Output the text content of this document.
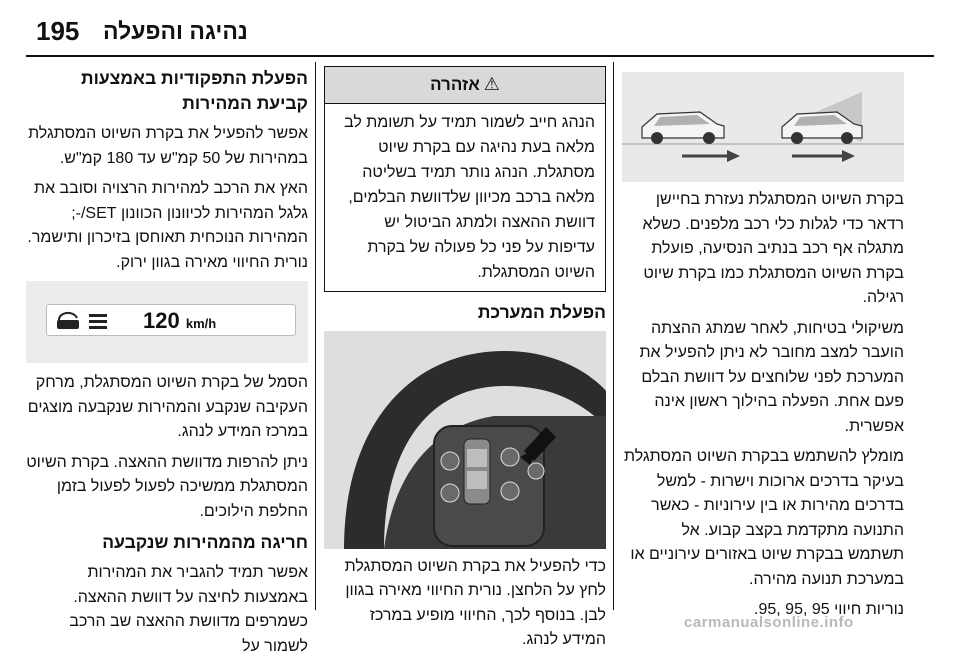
195 נהיגה והפעלה

בקרת השיוט המסתגלת נעזרת בחיישן רדאר כדי לגלות כלי רכב מלפנים. כשלא מתגלה אף רכב בנתיב הנסיעה, פועלת בקרת השיוט המסתגלת כמו בקרת שיוט רגילה.

משיקולי בטיחות, לאחר שמתג ההצתה הועבר למצב מחובר לא ניתן להפעיל את המערכת לפני שלוחצים על דוושת הבלם פעם אחת. הפעלה בהילוך ראשון אינה אפשרית.

מומלץ להשתמש בבקרת השיוט המסתגלת בעיקר בדרכים ארוכות וישרות - למשל בדרכים מהירות או בין עירוניות - כאשר התנועה מתקדמת בקצב קבוע. אל תשתמש בבקרת שיוט באזורים עירוניים או במערכת תנועה מהירה.

נוריות חיווי 95 ,95 ,95.

⚠אזהרה
הנהג חייב לשמור תמיד על תשומת לב מלאה בעת נהיגה עם בקרת שיוט מסתגלת. הנהג נותר תמיד בשליטה מלאה ברכב מכיוון שלדוושת הבלמים, דוושת ההאצה ולמתג הביטול יש עדיפות על פני כל פעולה של בקרת השיוט המסתגלת.
הפעלת המערכת

כדי להפעיל את בקרת השיוט המסתגלת לחץ על הלחצן. נורית החיווי מאירה בגוון לבן. בנוסף לכך, החיווי מופיע במרכז המידע לנהג.

הפעלת התפקודיות באמצעות קביעת המהירות

אפשר להפעיל את בקרת השיוט המסתגלת במהירות של 50 קמ"ש עד 180 קמ"ש.

האץ את הרכב למהירות הרצויה וסובב את גלגל המהירות לכיוונון הכוונון SET/-; המהירות הנוכחית תאוחסן בזיכרון ותישמר. נורית החיווי מאירה בגוון ירוק.

120 km/h

הסמל של בקרת השיוט המסתגלת, מרחק העקיבה שנקבע והמהירות שנקבעה מוצגים במרכז המידע לנהג.

ניתן להרפות מדוושת ההאצה. בקרת השיוט המסתגלת ממשיכה לפעול לפעול בזמן החלפת הילוכים.

חריגה מהמהירות שנקבעה

אפשר תמיד להגביר את המהירות באמצעות לחיצה על דוושת ההאצה. כשמרפים מדוושת ההאצה שב הרכב לשמור על

carmanualsonline.info
